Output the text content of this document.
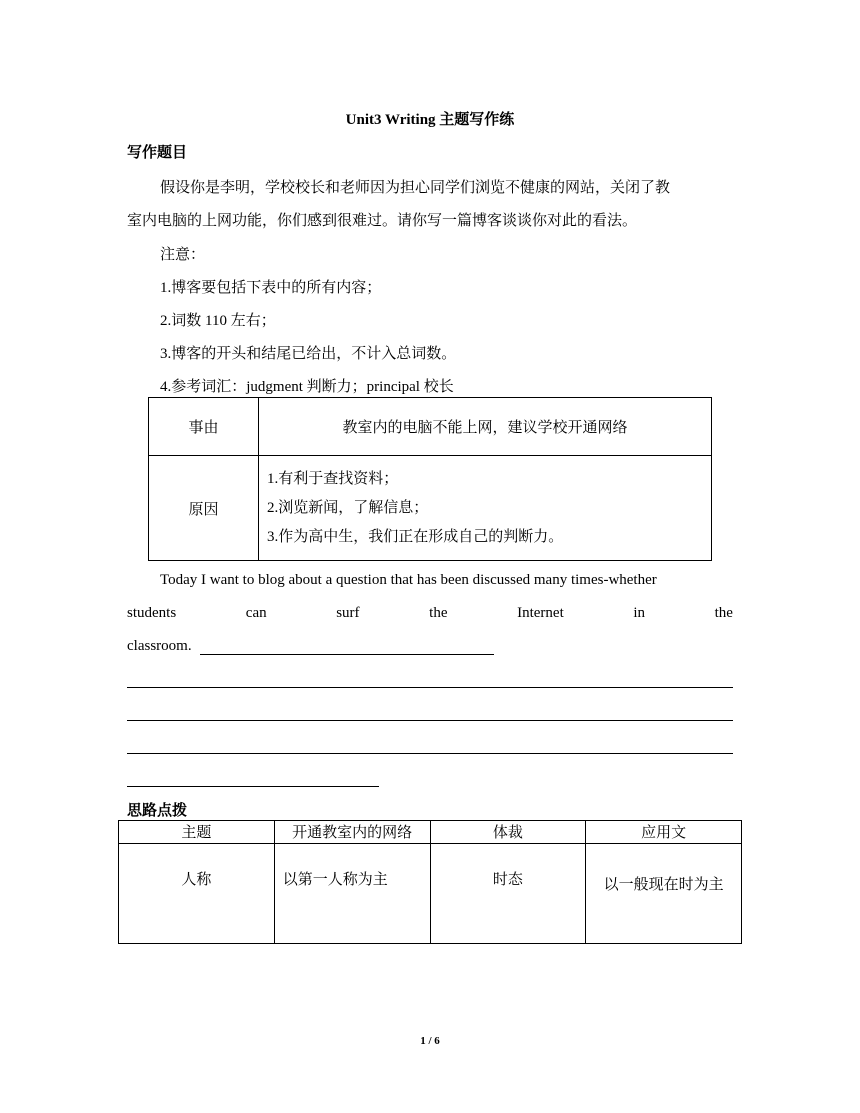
Unit3 Writing 主题写作练
写作题目
假设你是李明，学校校长和老师因为担心同学们浏览不健康的网站，关闭了教
室内电脑的上网功能，你们感到很难过。请你写一篇博客谈谈你对此的看法。
注意：
1.博客要包括下表中的所有内容；
2.词数 110 左右；
3.博客的开头和结尾已给出，不计入总词数。
4.参考词汇：judgment 判断力；principal 校长
事由	教室内的电脑不能上网，建议学校开通网络
原因	1.有利于查找资料；
2.浏览新闻，了解信息；
3.作为高中生，我们正在形成自己的判断力。
Today I want to blog about a question that has been discussed many times-whether
students	can	surf	the	Internet	in	the
classroom.
思路点拨
主题	开通教室内的网络	体裁	应用文
人称	以第一人称为主	时态	以一般现在时为主
1 / 6
